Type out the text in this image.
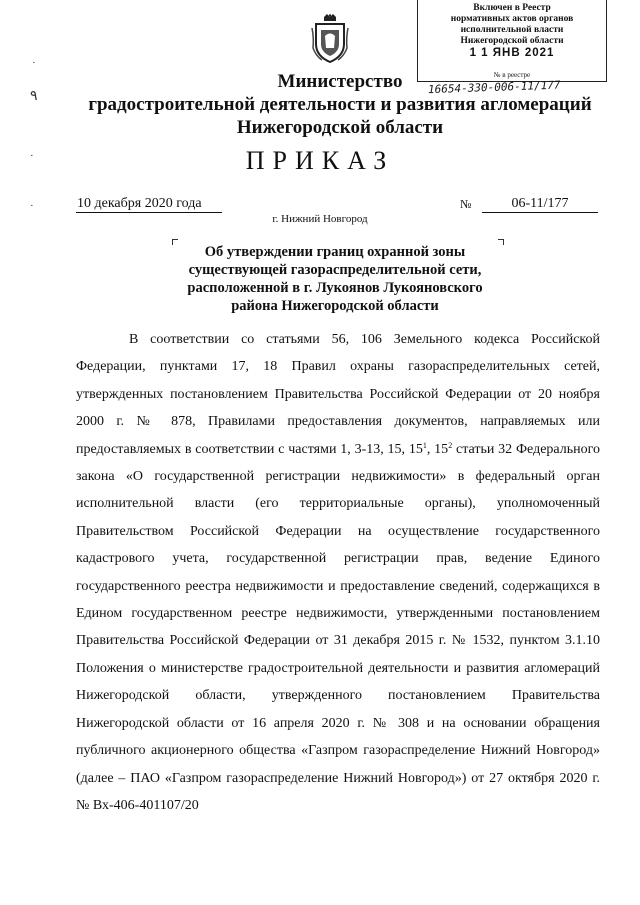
Включен в Реестр
нормативных актов органов
исполнительной власти
Нижегородской области
1 1 ЯНВ 2021
№ в реестре
16654-330-006-11/177
Министерство
градостроительной деятельности и развития агломераций
Нижегородской области
ПРИКАЗ
10 декабря 2020 года	№	06-11/177
г. Нижний Новгород
Об утверждении границ охранной зоны
существующей газораспределительной сети,
расположенной в г. Лукоянов Лукояновского
района Нижегородской области

В соответствии со статьями 56, 106 Земельного кодекса Российской Федерации, пунктами 17, 18 Правил охраны газораспределительных сетей, утвержденных постановлением Правительства Российской Федерации от 20 ноября 2000 г. № 878, Правилами предоставления документов, направляемых или предоставляемых в соответствии с частями 1, 3-13, 15, $15^1$, $15^2$ статьи 32 Федерального закона «О государственной регистрации недвижимости» в федеральный орган исполнительной власти (его территориальные органы), уполномоченный Правительством Российской Федерации на осуществление государственного кадастрового учета, государственной регистрации прав, ведение Единого государственного реестра недвижимости и предоставление сведений, содержащихся в Едином государственном реестре недвижимости, утвержденными постановлением Правительства Российской Федерации от 31 декабря 2015 г. № 1532, пунктом 3.1.10 Положения о министерстве градостроительной деятельности и развития агломераций Нижегородской области, утвержденного постановлением Правительства Нижегородской области от 16 апреля 2020 г. № 308 и на основании обращения публичного акционерного общества «Газпром газораспределение Нижний Новгород» (далее – ПАО «Газпром газораспределение Нижний Новгород») от 27 октября 2020 г. № Вх-406-401107/20

٩
·
·
·
